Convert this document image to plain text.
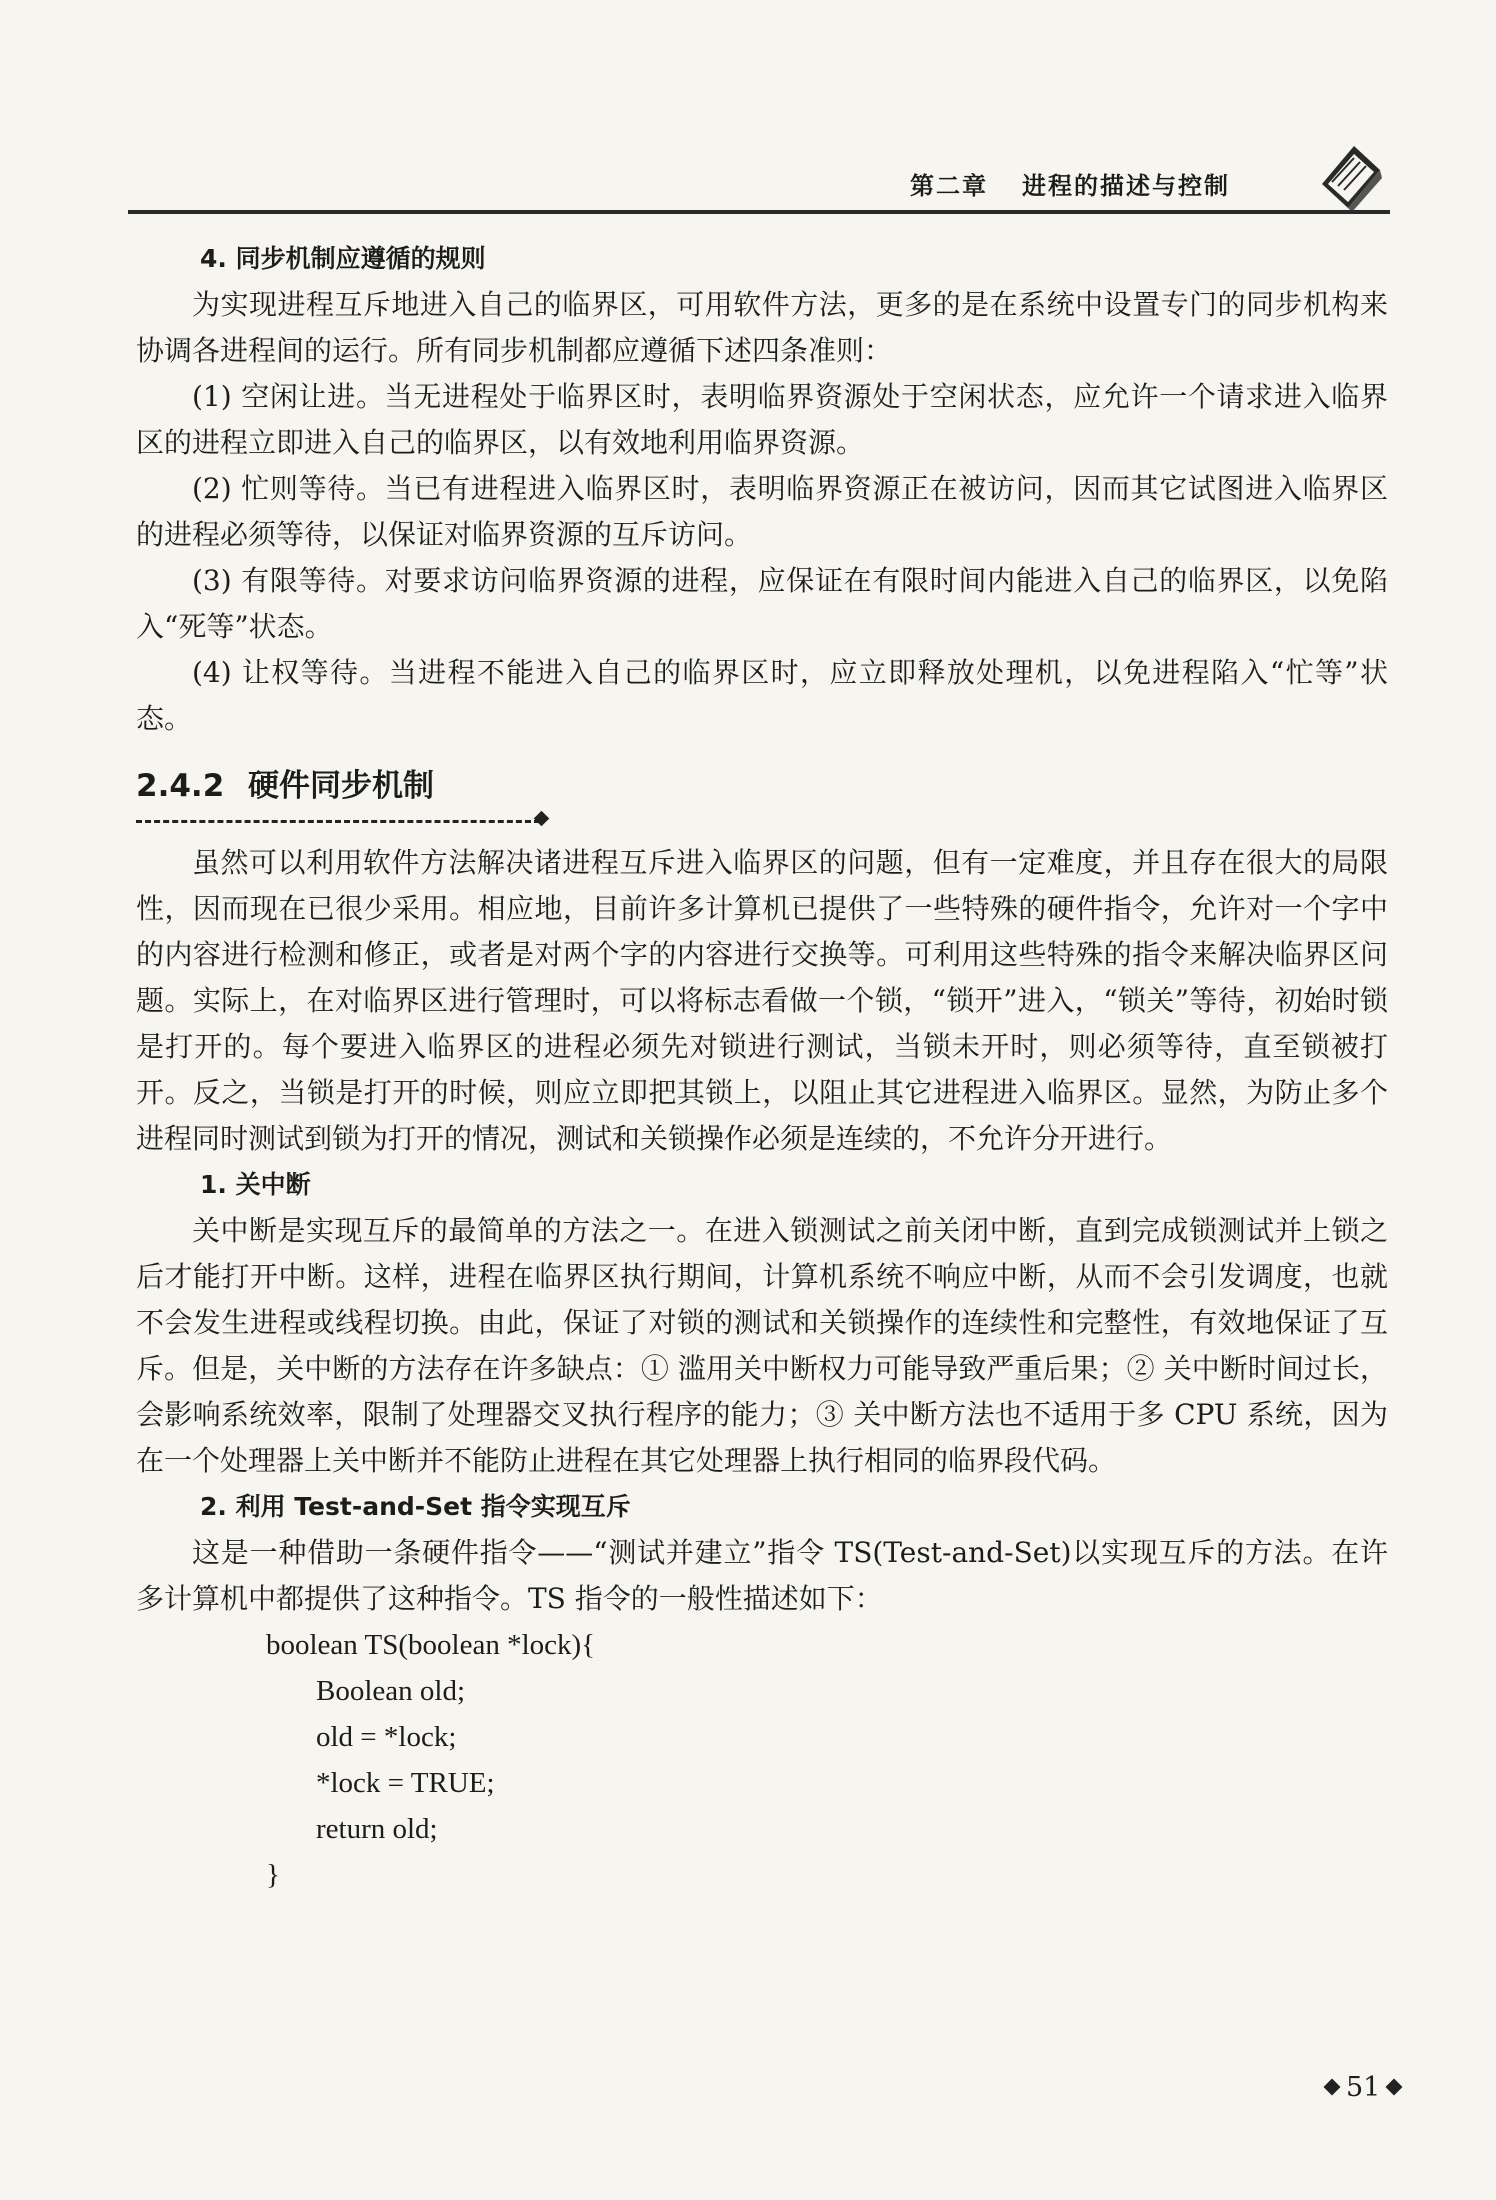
第二章 进程的描述与控制
4. 同步机制应遵循的规则

为实现进程互斥地进入自己的临界区，可用软件方法，更多的是在系统中设置专门的同步机构来协调各进程间的运行。所有同步机制都应遵循下述四条准则：

(1) 空闲让进。当无进程处于临界区时，表明临界资源处于空闲状态，应允许一个请求进入临界区的进程立即进入自己的临界区，以有效地利用临界资源。

(2) 忙则等待。当已有进程进入临界区时，表明临界资源正在被访问，因而其它试图进入临界区的进程必须等待，以保证对临界资源的互斥访问。

(3) 有限等待。对要求访问临界资源的进程，应保证在有限时间内能进入自己的临界区，以免陷入“死等”状态。

(4) 让权等待。当进程不能进入自己的临界区时，应立即释放处理机，以免进程陷入“忙等”状态。

2.4.2 硬件同步机制

虽然可以利用软件方法解决诸进程互斥进入临界区的问题，但有一定难度，并且存在很大的局限性，因而现在已很少采用。相应地，目前许多计算机已提供了一些特殊的硬件指令，允许对一个字中的内容进行检测和修正，或者是对两个字的内容进行交换等。可利用这些特殊的指令来解决临界区问题。实际上，在对临界区进行管理时，可以将标志看做一个锁，“锁开”进入，“锁关”等待，初始时锁是打开的。每个要进入临界区的进程必须先对锁进行测试，当锁未开时，则必须等待，直至锁被打开。反之，当锁是打开的时候，则应立即把其锁上，以阻止其它进程进入临界区。显然，为防止多个进程同时测试到锁为打开的情况，测试和关锁操作必须是连续的，不允许分开进行。

1. 关中断

关中断是实现互斥的最简单的方法之一。在进入锁测试之前关闭中断，直到完成锁测试并上锁之后才能打开中断。这样，进程在临界区执行期间，计算机系统不响应中断，从而不会引发调度，也就不会发生进程或线程切换。由此，保证了对锁的测试和关锁操作的连续性和完整性，有效地保证了互斥。但是，关中断的方法存在许多缺点：① 滥用关中断权力可能导致严重后果；② 关中断时间过长，会影响系统效率，限制了处理器交叉执行程序的能力；③ 关中断方法也不适用于多 CPU 系统，因为在一个处理器上关中断并不能防止进程在其它处理器上执行相同的临界段代码。

2. 利用 Test-and-Set 指令实现互斥

这是一种借助一条硬件指令——“测试并建立”指令 TS(Test-and-Set)以实现互斥的方法。在许多计算机中都提供了这种指令。TS 指令的一般性描述如下：

boolean TS(boolean *lock){
Boolean old;
old = *lock;
*lock = TRUE;
return old;
}
51
